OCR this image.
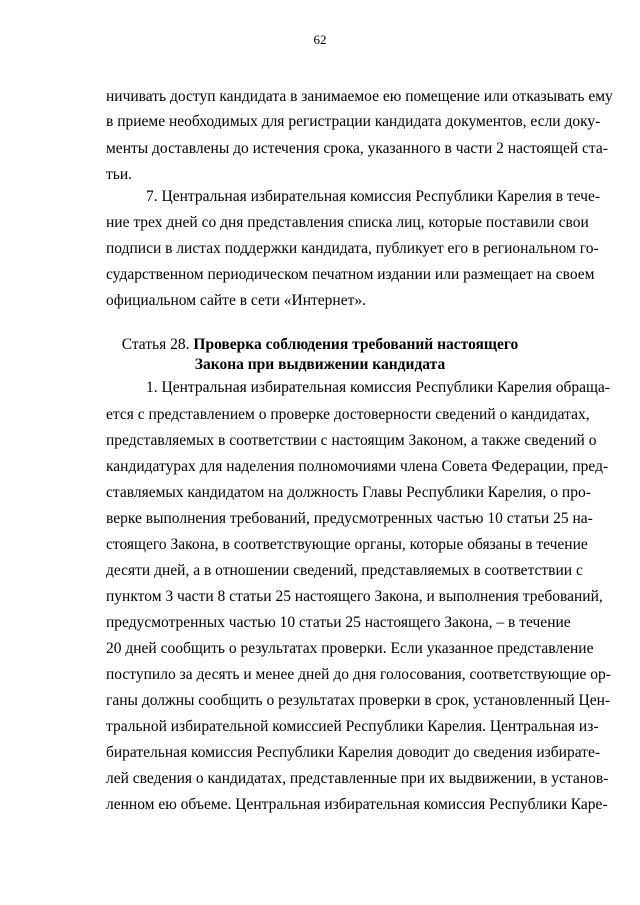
62
ничивать доступ кандидата в занимаемое ею помещение или отказывать ему
в приеме необходимых для регистрации кандидата документов, если доку-
менты доставлены до истечения срока, указанного в части 2 настоящей ста-
тьи.
7. Центральная избирательная комиссия Республики Карелия в тече-
ние трех дней со дня представления списка лиц, которые поставили свои
подписи в листах поддержки кандидата, публикует его в региональном го-
сударственном периодическом печатном издании или размещает на своем
официальном сайте в сети «Интернет».
Статья 28. Проверка соблюдения требований настоящего
Закона при выдвижении кандидата
1. Центральная избирательная комиссия Республики Карелия обраща-
ется с представлением о проверке достоверности сведений о кандидатах,
представляемых в соответствии с настоящим Законом, а также сведений о
кандидатурах для наделения полномочиями члена Совета Федерации, пред-
ставляемых кандидатом на должность Главы Республики Карелия, о про-
верке выполнения требований, предусмотренных частью 10 статьи 25 на-
стоящего Закона, в соответствующие органы, которые обязаны в течение
десяти дней, а в отношении сведений, представляемых в соответствии с
пунктом 3 части 8 статьи 25 настоящего Закона, и выполнения требований,
предусмотренных частью 10 статьи 25 настоящего Закона, – в течение
20 дней сообщить о результатах проверки. Если указанное представление
поступило за десять и менее дней до дня голосования, соответствующие ор-
ганы должны сообщить о результатах проверки в срок, установленный Цен-
тральной избирательной комиссией Республики Карелия. Центральная из-
бирательная комиссия Республики Карелия доводит до сведения избирате-
лей сведения о кандидатах, представленные при их выдвижении, в установ-
ленном ею объеме. Центральная избирательная комиссия Республики Каре-
